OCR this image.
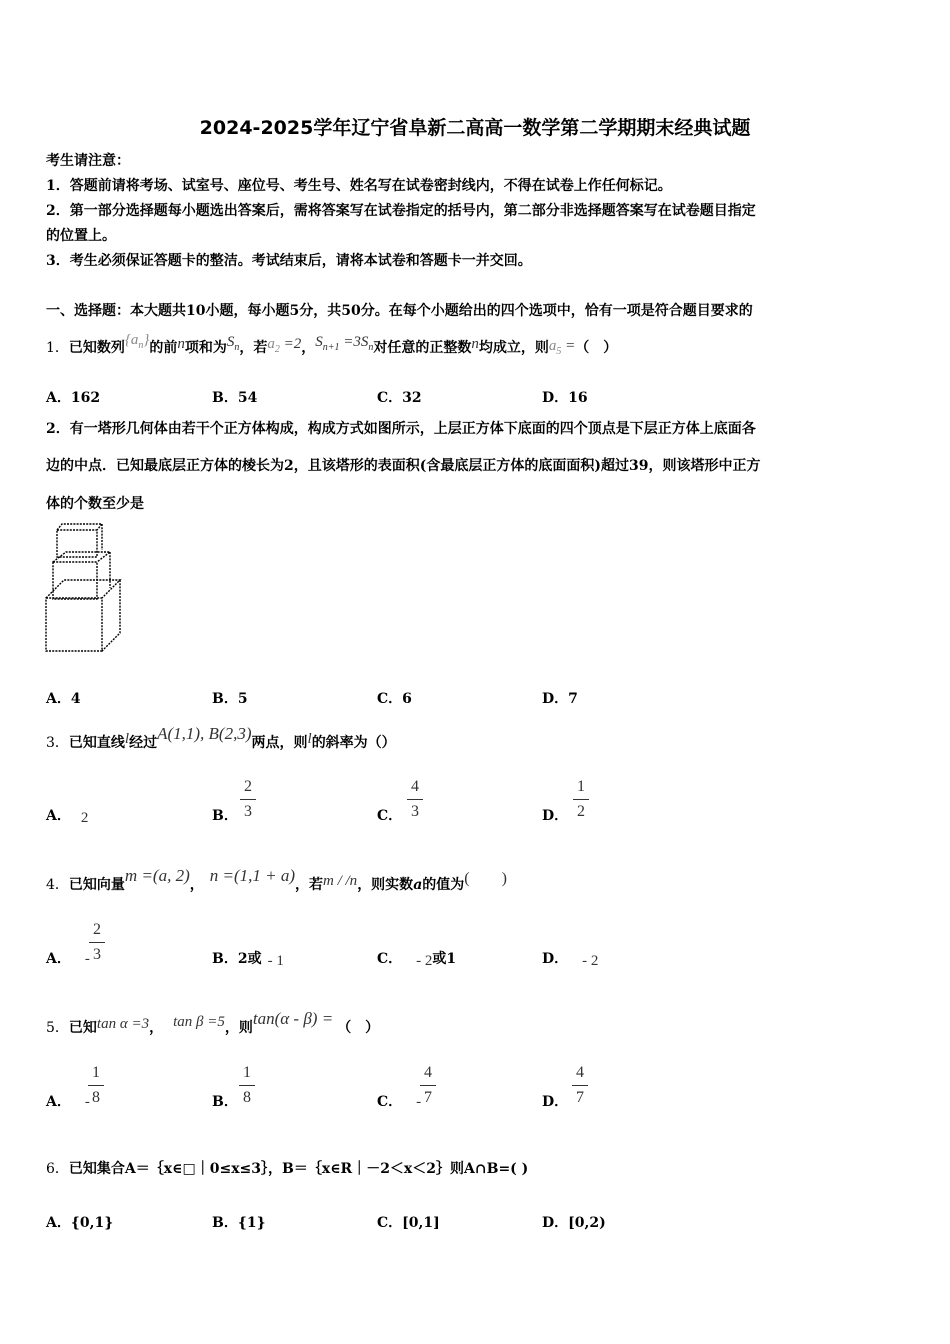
2024-2025学年辽宁省阜新二高高一数学第二学期期末经典试题
考生请注意：
1．答题前请将考场、试室号、座位号、考生号、姓名写在试卷密封线内，不得在试卷上作任何标记。
2．第一部分选择题每小题选出答案后，需将答案写在试卷指定的括号内，第二部分非选择题答案写在试卷题目指定
的位置上。
3．考生必须保证答题卡的整洁。考试结束后，请将本试卷和答题卡一并交回。
一、选择题：本大题共10小题，每小题5分，共50分。在每个小题给出的四个选项中，恰有一项是符合题目要求的
1．已知数列$\{a_n\}$的前n项和为$S_n$，若$a_2 =2$，$S_{n+1} =3S_n$对任意的正整数n均成立，则$a_5$ =（　）
A．162	B．54	C．32	D．16
2．有一塔形几何体由若干个正方体构成，构成方式如图所示，上层正方体下底面的四个顶点是下层正方体上底面各
边的中点．已知最底层正方体的棱长为2，且该塔形的表面积(含最底层正方体的底面面积)超过39，则该塔形中正方
体的个数至少是
A．4	B．5	C．6	D．7
3．已知直线l经过A(1,1), B(2,3)两点，则l的斜率为（）
A． 2	B．
2
3	C．
4
3	D．
1
2
4．已知向量m =(a, 2)， n =(1,1 + a)，若m / /n，则实数a的值为(　　)
A． -
2
3	B．2或 - 1	C． - 2或1	D． - 2
5．已知tan α =3， tan β =5，则tan(α - β) = （　）
A． -
1
8	B．
1
8	C． -
4
7	D．
4
7
6．已知集合A＝｛x∈□｜0≤x≤3｝，B＝｛x∈R｜－2＜x＜2｝则A∩B=( )
A．{0,1}	B．{1}	C．[0,1]	D．[0,2)
